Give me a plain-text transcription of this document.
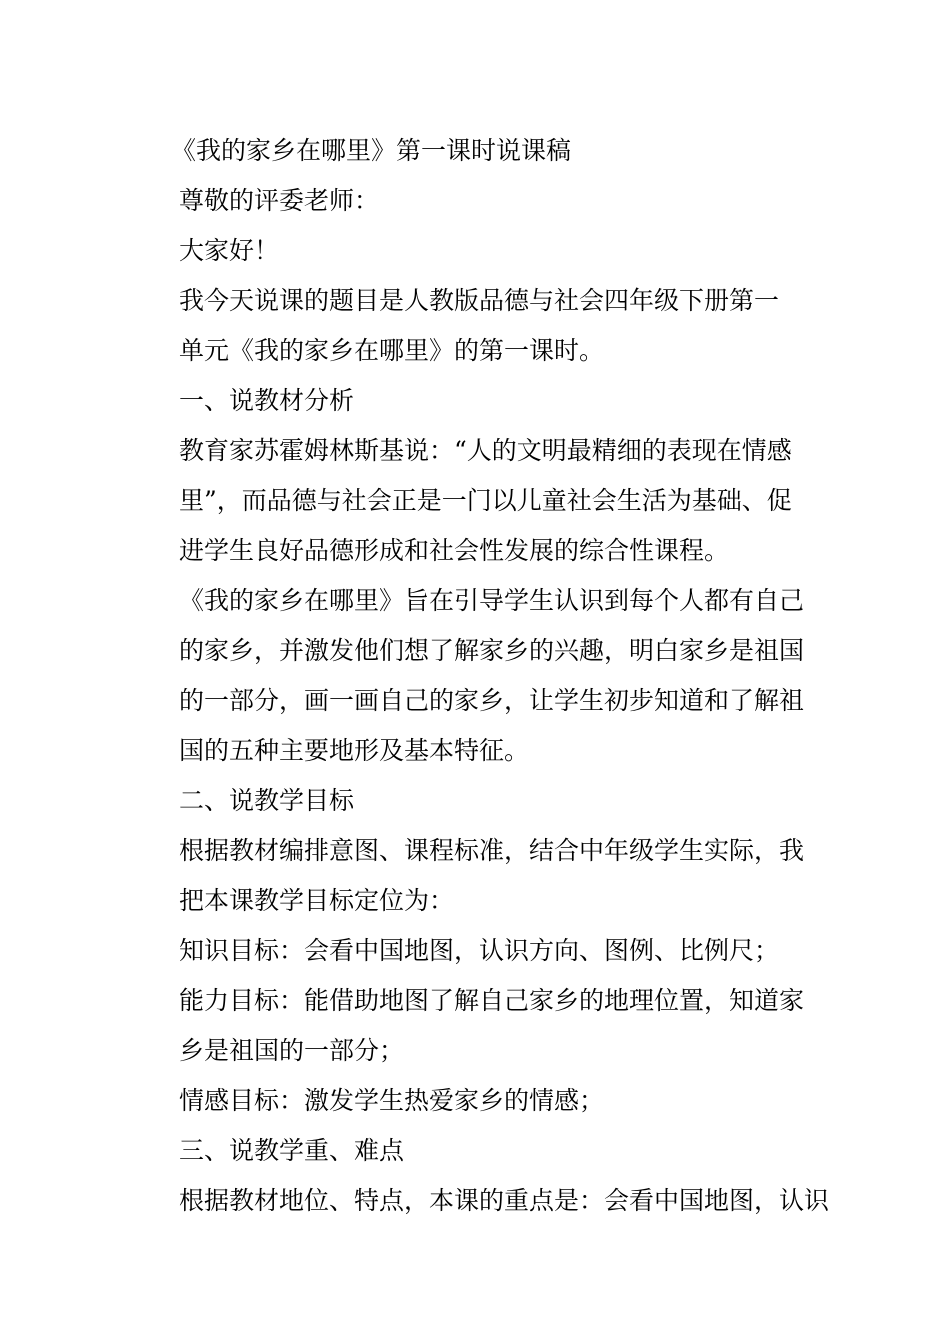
《我的家乡在哪里》第一课时说课稿
尊敬的评委老师：
大家好！
我今天说课的题目是人教版品德与社会四年级下册第一
单元《我的家乡在哪里》的第一课时。
一、说教材分析
教育家苏霍姆林斯基说：“人的文明最精细的表现在情感
里”，而品德与社会正是一门以儿童社会生活为基础、促
进学生良好品德形成和社会性发展的综合性课程。
《我的家乡在哪里》旨在引导学生认识到每个人都有自己
的家乡，并激发他们想了解家乡的兴趣，明白家乡是祖国
的一部分，画一画自己的家乡，让学生初步知道和了解祖
国的五种主要地形及基本特征。
二、说教学目标
根据教材编排意图、课程标准，结合中年级学生实际，我
把本课教学目标定位为：
知识目标：会看中国地图，认识方向、图例、比例尺；
能力目标：能借助地图了解自己家乡的地理位置，知道家
乡是祖国的一部分；
情感目标：激发学生热爱家乡的情感；
三、说教学重、难点
根据教材地位、特点，本课的重点是：会看中国地图，认识
